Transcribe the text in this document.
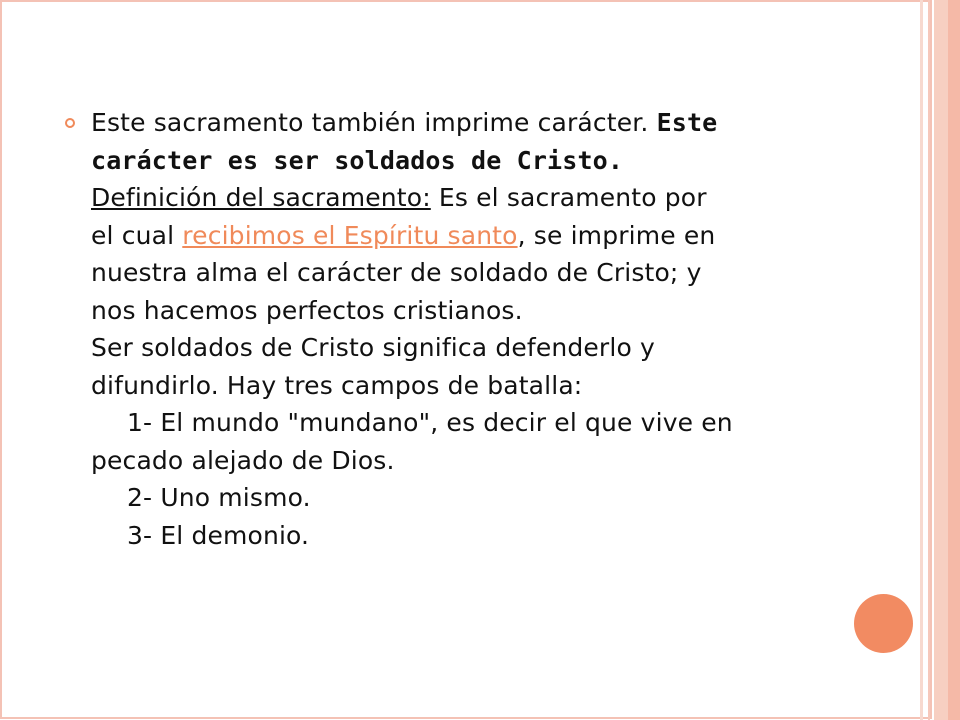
Este sacramento también imprime carácter. Este
carácter es ser soldados de Cristo.
Definición del sacramento: Es el sacramento por
el cual recibimos el Espíritu santo, se imprime en
nuestra alma el carácter de soldado de Cristo; y
nos hacemos perfectos cristianos.
Ser soldados de Cristo significa defenderlo y
difundirlo. Hay tres campos de batalla:
1- El mundo "mundano", es decir el que vive en
pecado alejado de Dios.
2- Uno mismo.
3- El demonio.
